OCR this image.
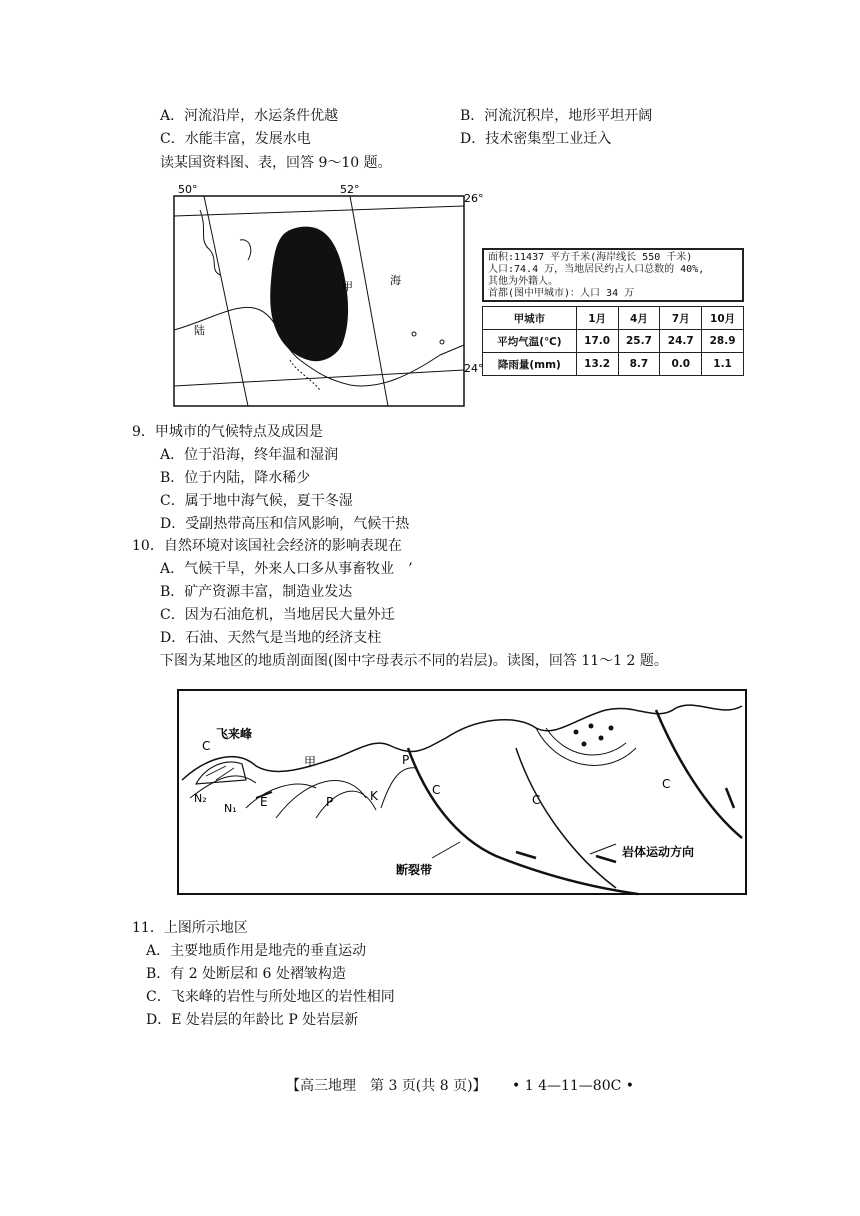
A．河流沿岸，水运条件优越	B．河流沉积岸，地形平坦开阔
C．水能丰富，发展水电	D．技术密集型工业迁入
读某国资料图、表，回答 9～10 题。
50°	52°
26°
24°
甲	海
陆
面积:11437 平方千米(海岸线长 550 千米)
人口:74.4 万，当地居民约占人口总数的 40%,
其他为外籍人。
首都(图中甲城市)：人口 34 万
甲城市	1月	4月	7月	10月
平均气温(℃)	17.0	25.7	24.7	28.9
降雨量(mm)	13.2	8.7	0.0	1.1
9．甲城市的气候特点及成因是
A．位于沿海，终年温和湿润
B．位于内陆，降水稀少
C．属于地中海气候，夏干冬湿
D．受副热带高压和信风影响，气候干热
10．自然环境对该国社会经济的影响表现在
A．气候干旱，外来人口多从事畜牧业　’
B．矿产资源丰富，制造业发达
C．因为石油危机，当地居民大量外迁
D．石油、天然气是当地的经济支柱
下图为某地区的地质剖面图(图中字母表示不同的岩层)。读图，回答 11～1 2 题。
飞来峰
C
N₂
N₁ E	P	K
甲	P
C
C
C
断裂带
岩体运动方向
11．上图所示地区
A．主要地质作用是地壳的垂直运动
B．有 2 处断层和 6 处褶皱构造
C．飞来峰的岩性与所处地区的岩性相同
D．E 处岩层的年龄比 P 处岩层新
【高三地理　第 3 页(共 8 页)】 • 1 4—11—80C •
